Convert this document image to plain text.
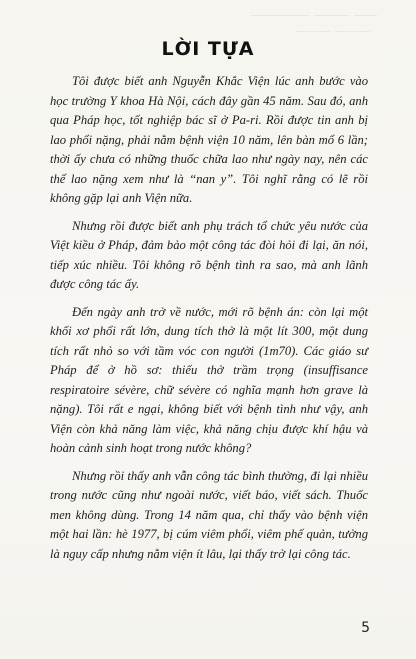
————— ——— ——
——— ———
LỜI TỰA

Tôi được biết anh Nguyễn Khắc Viện lúc anh bước vào học trường Y khoa Hà Nội, cách đây gần 45 năm. Sau đó, anh qua Pháp học, tốt nghiệp bác sĩ ở Pa-ri. Rồi được tin anh bị lao phổi nặng, phải nằm bệnh viện 10 năm, lên bàn mổ 6 lần; thời ấy chưa có những thuốc chữa lao như ngày nay, nên các thể lao nặng xem như là “nan y”. Tôi nghĩ rằng có lẽ rồi không gặp lại anh Viện nữa.

Nhưng rồi được biết anh phụ trách tổ chức yêu nước của Việt kiều ở Pháp, đảm bảo một công tác đòi hỏi đi lại, ăn nói, tiếp xúc nhiều. Tôi không rõ bệnh tình ra sao, mà anh lãnh được công tác ấy.

Đến ngày anh trở về nước, mới rõ bệnh án: còn lại một khối xơ phổi rất lớn, dung tích thở là một lít 300, một dung tích rất nhỏ so với tầm vóc con người (1m70). Các giáo sư Pháp để ở hồ sơ: thiếu thở trầm trọng (insuffisance respiratoire sévère, chữ sévère có nghĩa mạnh hơn grave là nặng). Tôi rất e ngại, không biết với bệnh tình như vậy, anh Viện còn khả năng làm việc, khả năng chịu được khí hậu và hoàn cảnh sinh hoạt trong nước không?

Nhưng rồi thấy anh vẫn công tác bình thường, đi lại nhiều trong nước cũng như ngoài nước, viết báo, viết sách. Thuốc men không dùng. Trong 14 năm qua, chỉ thấy vào bệnh viện một hai lần: hè 1977, bị cúm viêm phổi, viêm phế quản, tưởng là nguy cấp nhưng nằm viện ít lâu, lại thấy trở lại công tác.

5
